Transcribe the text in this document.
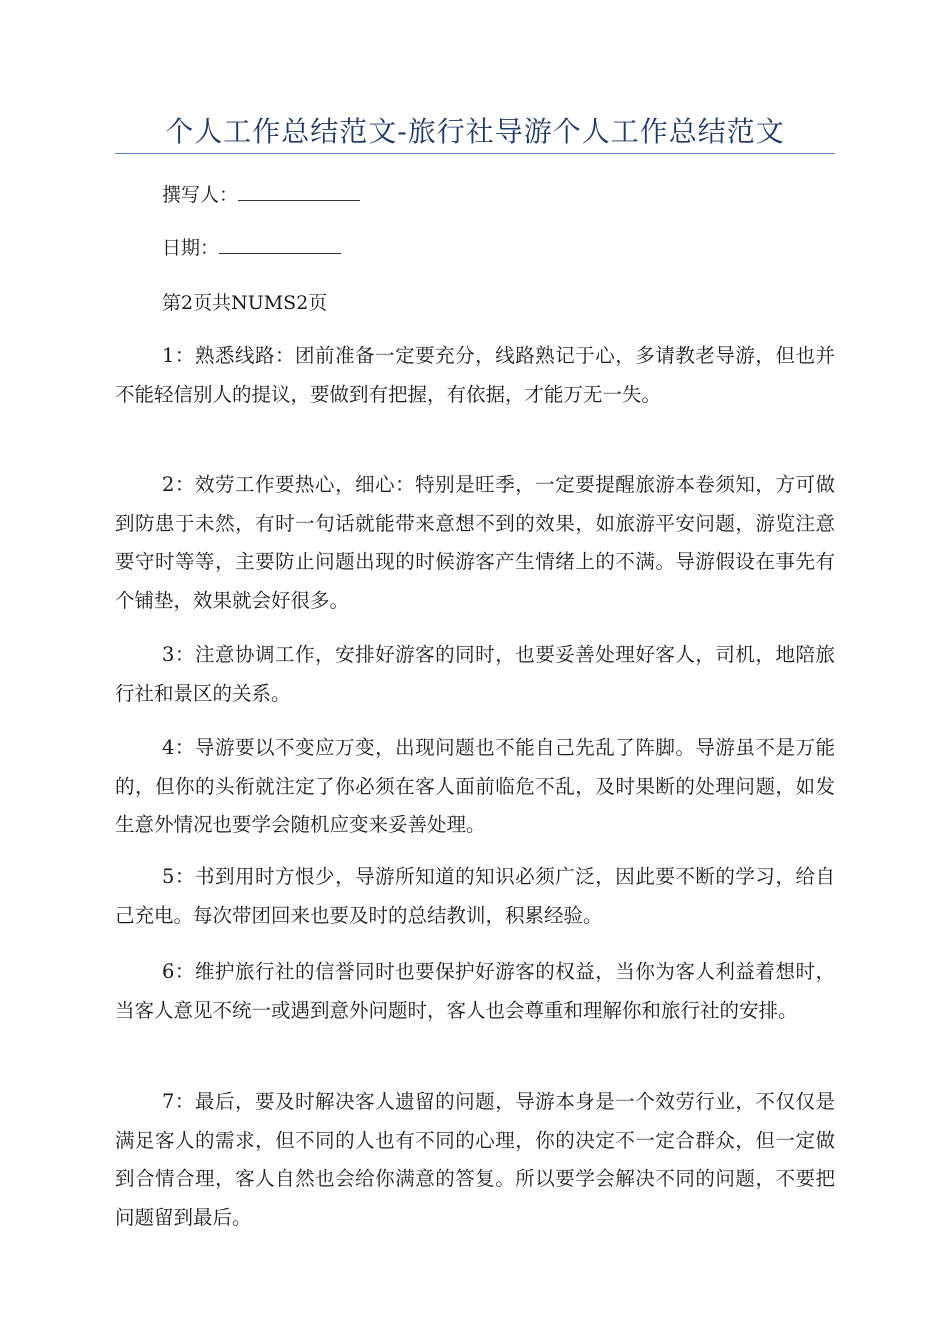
个人工作总结范文-旅行社导游个人工作总结范文
撰写人：
日期：
第2页共NUMS2页
1：熟悉线路：团前准备一定要充分，线路熟记于心，多请教老导游，但也并不能轻信别人的提议，要做到有把握，有依据，才能万无一失。
2：效劳工作要热心，细心：特别是旺季，一定要提醒旅游本卷须知，方可做到防患于未然，有时一句话就能带来意想不到的效果，如旅游平安问题，游览注意要守时等等，主要防止问题出现的时候游客产生情绪上的不满。导游假设在事先有个铺垫，效果就会好很多。
3：注意协调工作，安排好游客的同时，也要妥善处理好客人，司机，地陪旅行社和景区的关系。
4：导游要以不变应万变，出现问题也不能自己先乱了阵脚。导游虽不是万能的，但你的头衔就注定了你必须在客人面前临危不乱，及时果断的处理问题，如发生意外情况也要学会随机应变来妥善处理。
5：书到用时方恨少，导游所知道的知识必须广泛，因此要不断的学习，给自己充电。每次带团回来也要及时的总结教训，积累经验。
6：维护旅行社的信誉同时也要保护好游客的权益，当你为客人利益着想时，当客人意见不统一或遇到意外问题时，客人也会尊重和理解你和旅行社的安排。
7：最后，要及时解决客人遗留的问题，导游本身是一个效劳行业，不仅仅是满足客人的需求，但不同的人也有不同的心理，你的决定不一定合群众，但一定做到合情合理，客人自然也会给你满意的答复。所以要学会解决不同的问题，不要把问题留到最后。
